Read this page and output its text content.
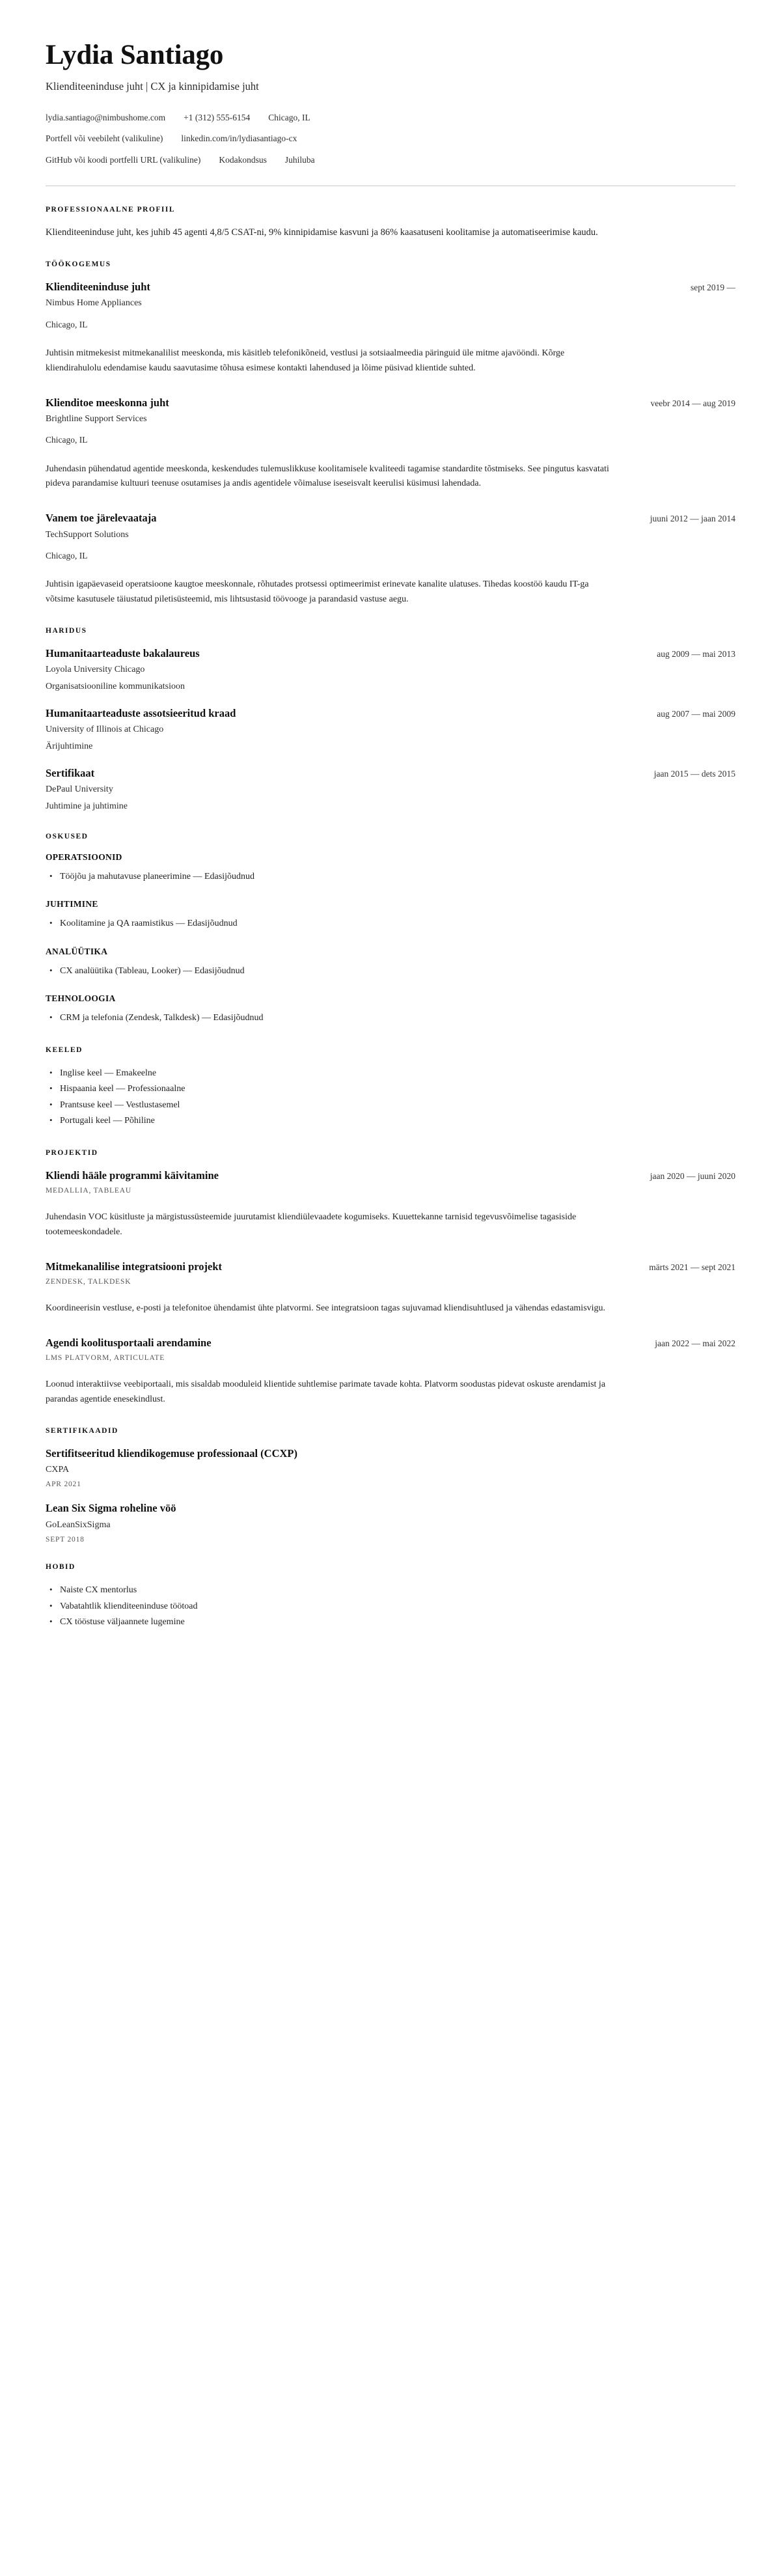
Lydia Santiago
Klienditeeninduse juht | CX ja kinnipidamise juht
lydia.santiago@nimbushome.com +1 (312) 555-6154 Chicago, IL
Portfell või veebileht (valikuline) linkedin.com/in/lydiasantiago-cx
GitHub või koodi portfelli URL (valikuline) Kodakondsus Juhiluba
PROFESSIONAALNE PROFIIL

Klienditeeninduse juht, kes juhib 45 agenti 4,8/5 CSAT-ni, 9% kinnipidamise kasvuni ja 86% kaasatuseni koolitamise ja automatiseerimise kaudu.

TÖÖKOGEMUS
Klienditeeninduse juht	sept 2019 —
Nimbus Home Appliances
Chicago, IL

Juhtisin mitmekesist mitmekanalilist meeskonda, mis käsitleb telefonikõneid, vestlusi ja sotsiaalmeedia päringuid üle mitme ajavööndi. Kõrge kliendirahulolu edendamise kaudu saavutasime tõhusa esimese kontakti lahendused ja lõime püsivad klientide suhted.

Klienditoe meeskonna juht	veebr 2014 — aug 2019
Brightline Support Services
Chicago, IL

Juhendasin pühendatud agentide meeskonda, keskendudes tulemuslikkuse koolitamisele kvaliteedi tagamise standardite tõstmiseks. See pingutus kasvatati pideva parandamise kultuuri teenuse osutamises ja andis agentidele võimaluse iseseisvalt keerulisi küsimusi lahendada.

Vanem toe järelevaataja	juuni 2012 — jaan 2014
TechSupport Solutions
Chicago, IL

Juhtisin igapäevaseid operatsioone kaugtoe meeskonnale, rõhutades protsessi optimeerimist erinevate kanalite ulatuses. Tihedas koostöö kaudu IT-ga võtsime kasutusele täiustatud piletisüsteemid, mis lihtsustasid töövooge ja parandasid vastuse aegu.

HARIDUS
Humanitaarteaduste bakalaureus	aug 2009 — mai 2013
Loyola University Chicago
Organisatsiooniline kommunikatsioon
Humanitaarteaduste assotsieeritud kraad	aug 2007 — mai 2009
University of Illinois at Chicago
Ärijuhtimine
Sertifikaat	jaan 2015 — dets 2015
DePaul University
Juhtimine ja juhtimine
OSKUSED
OPERATSIOONID
• Tööjõu ja mahutavuse planeerimine — Edasijõudnud
JUHTIMINE
• Koolitamine ja QA raamistikus — Edasijõudnud
ANALÜÜTIKA
• CX analüütika (Tableau, Looker) — Edasijõudnud
TEHNOLOOGIA
• CRM ja telefonia (Zendesk, Talkdesk) — Edasijõudnud
KEELED
• Inglise keel — Emakeelne
• Hispaania keel — Professionaalne
• Prantsuse keel — Vestlustasemel
• Portugali keel — Põhiline
PROJEKTID
Kliendi hääle programmi käivitamine	jaan 2020 — juuni 2020
MEDALLIA, TABLEAU

Juhendasin VOC küsitluste ja märgistussüsteemide juurutamist kliendiülevaadete kogumiseks. Kuuettekanne tarnisid tegevusvõimelise tagasiside tootemeeskondadele.

Mitmekanalilise integratsiooni projekt	märts 2021 — sept 2021
ZENDESK, TALKDESK

Koordineerisin vestluse, e-posti ja telefonitoe ühendamist ühte platvormi. See integratsioon tagas sujuvamad kliendisuhtlused ja vähendas edastamisvigu.

Agendi koolitusportaali arendamine	jaan 2022 — mai 2022
LMS PLATVORM, ARTICULATE

Loonud interaktiivse veebiportaali, mis sisaldab mooduleid klientide suhtlemise parimate tavade kohta. Platvorm soodustas pidevat oskuste arendamist ja parandas agentide enesekindlust.

SERTIFIKAADID
Sertifitseeritud kliendikogemuse professionaal (CCXP)
CXPA
APR 2021
Lean Six Sigma roheline vöö
GoLeanSixSigma
SEPT 2018
HOBID
• Naiste CX mentorlus
• Vabatahtlik klienditeeninduse töötoad
• CX tööstuse väljaannete lugemine
